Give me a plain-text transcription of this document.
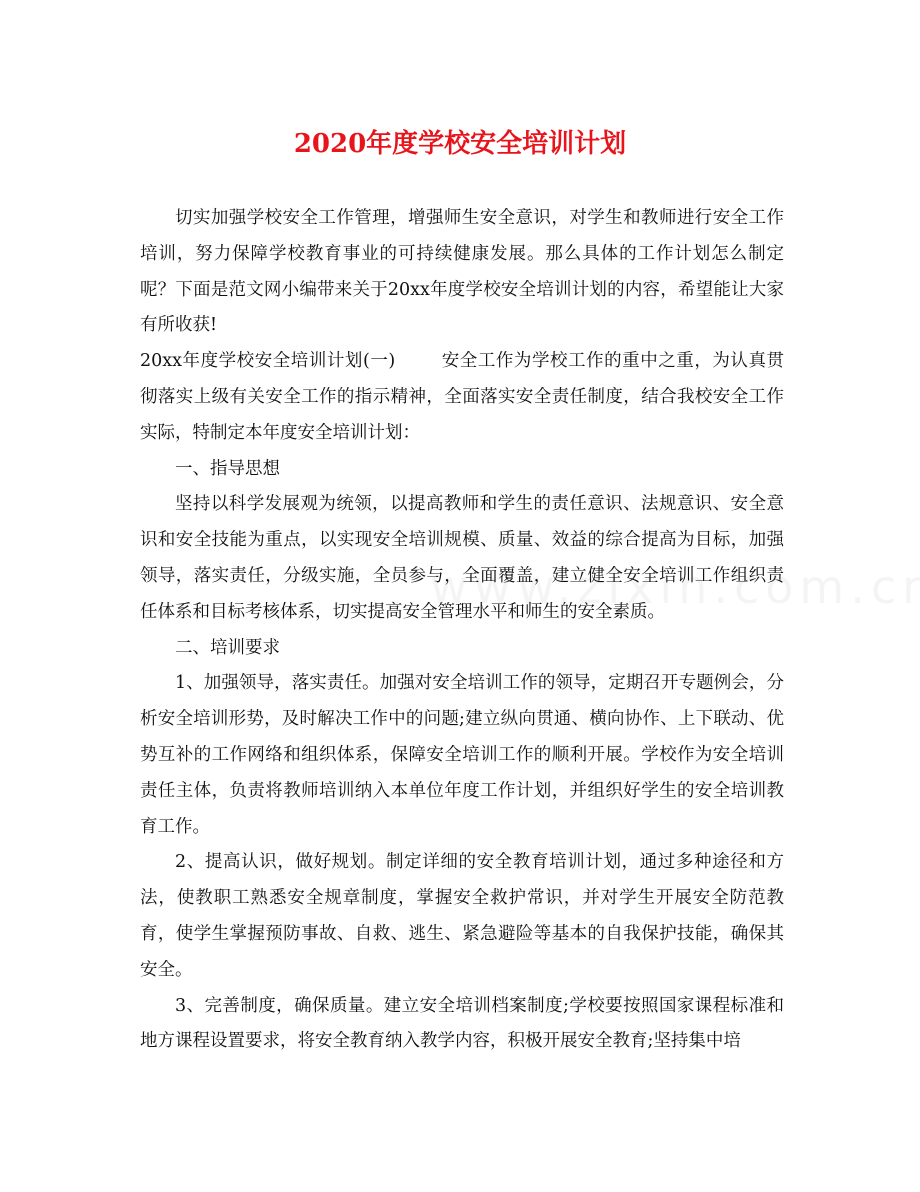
2020年度学校安全培训计划

切实加强学校安全工作管理，增强师生安全意识，对学生和教师进行安全工作培训，努力保障学校教育事业的可持续健康发展。那么具体的工作计划怎么制定呢？下面是范文网小编带来关于20xx年度学校安全培训计划的内容，希望能让大家有所收获!

20xx年度学校安全培训计划(一)	安全工作为学校工作的重中之重，为认真贯彻落实上级有关安全工作的指示精神，全面落实安全责任制度，结合我校安全工作实际，特制定本年度安全培训计划：

一、指导思想

坚持以科学发展观为统领，以提高教师和学生的责任意识、法规意识、安全意识和安全技能为重点，以实现安全培训规模、质量、效益的综合提高为目标，加强领导，落实责任，分级实施，全员参与，全面覆盖，建立健全安全培训工作组织责任体系和目标考核体系，切实提高安全管理水平和师生的安全素质。

二、培训要求

1、加强领导，落实责任。加强对安全培训工作的领导，定期召开专题例会，分析安全培训形势，及时解决工作中的问题;建立纵向贯通、横向协作、上下联动、优势互补的工作网络和组织体系，保障安全培训工作的顺利开展。学校作为安全培训责任主体，负责将教师培训纳入本单位年度工作计划，并组织好学生的安全培训教育工作。

2、提高认识，做好规划。制定详细的安全教育培训计划，通过多种途径和方法，使教职工熟悉安全规章制度，掌握安全救护常识，并对学生开展安全防范教育，使学生掌握预防事故、自救、逃生、紧急避险等基本的自我保护技能，确保其安全。

3、完善制度，确保质量。建立安全培训档案制度;学校要按照国家课程标准和地方课程设置要求，将安全教育纳入教学内容，积极开展安全教育;坚持集中培
